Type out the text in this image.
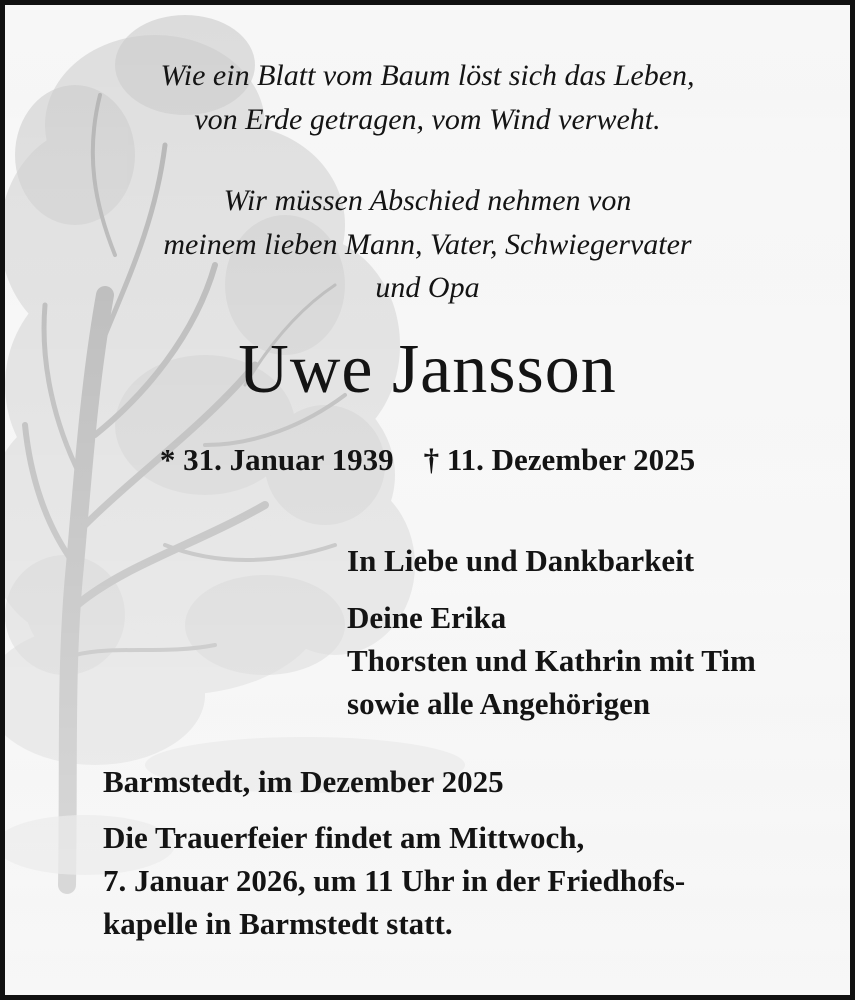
Wie ein Blatt vom Baum löst sich das Leben,

von Erde getragen, vom Wind verweht.

Wir müssen Abschied nehmen von

meinem lieben Mann, Vater, Schwiegervater

und Opa

Uwe Jansson

* 31. Januar 1939 † 11. Dezember 2025

In Liebe und Dankbarkeit

Deine Erika

Thorsten und Kathrin mit Tim

sowie alle Angehörigen

Barmstedt, im Dezember 2025

Die Trauerfeier findet am Mittwoch,

7. Januar 2026, um 11 Uhr in der Friedhofs-

kapelle in Barmstedt statt.
